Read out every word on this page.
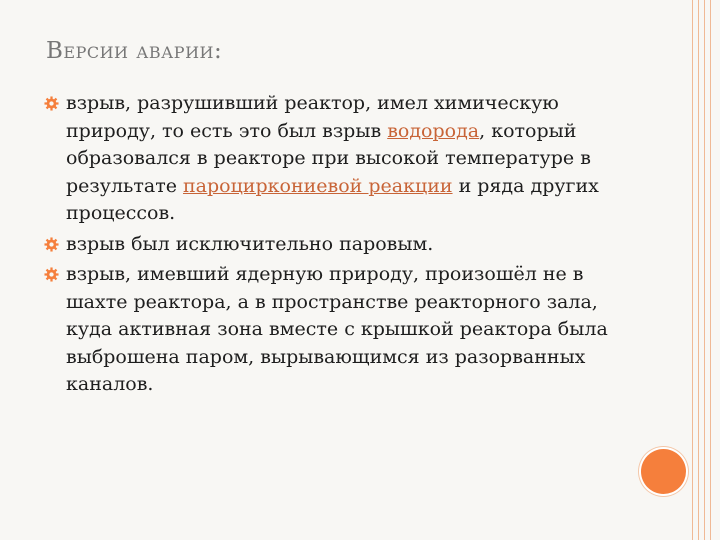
Версии аварии:
взрыв, разрушивший реактор, имел химическую природу, то есть это был взрыв водорода, который образовался в реакторе при высокой температуре в результате пароциркониевой реакции и ряда других процессов.
взрыв был исключительно паровым.
взрыв, имевший ядерную природу, произошёл не в шахте реактора, а в пространстве реакторного зала, куда активная зона вместе с крышкой реактора была выброшена паром, вырывающимся из разорванных каналов.
